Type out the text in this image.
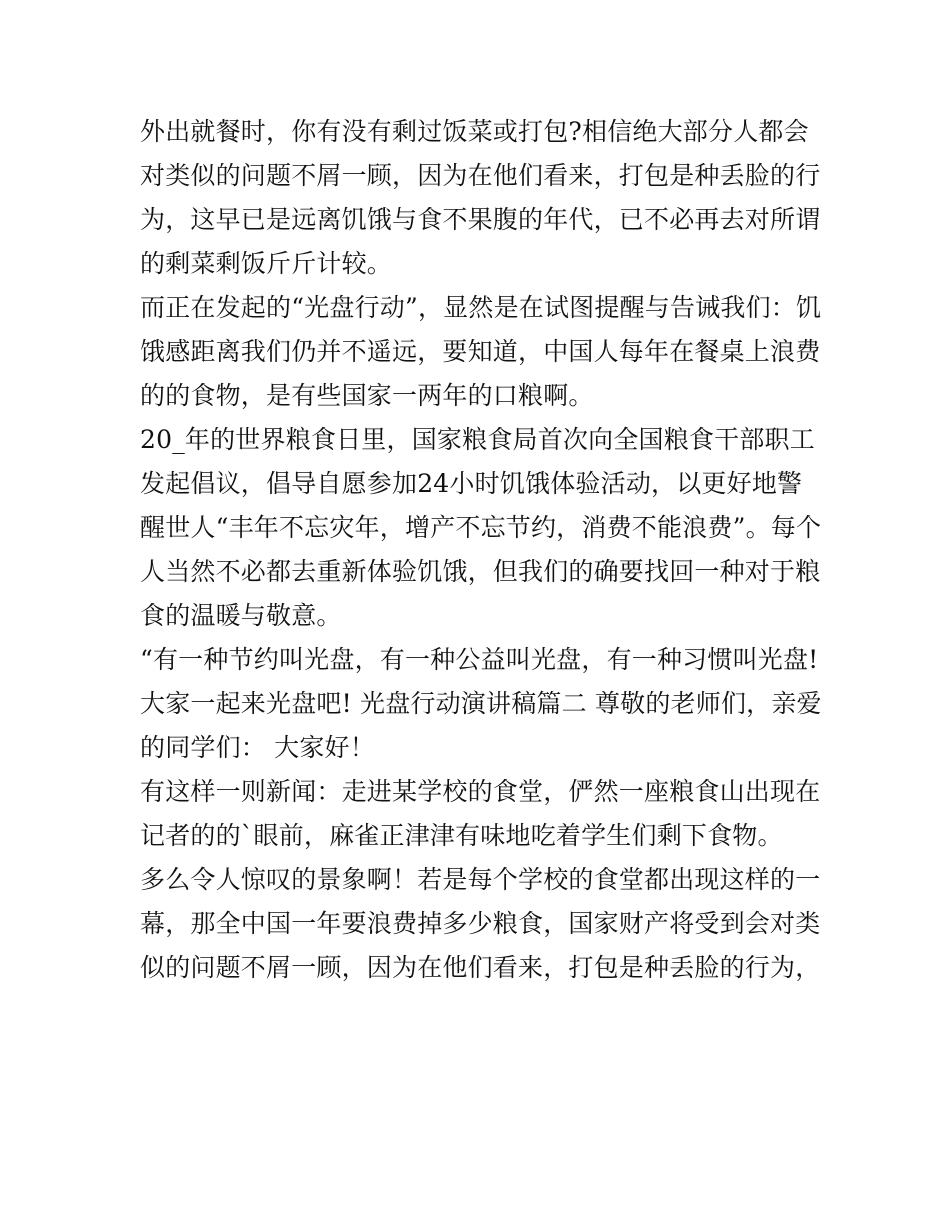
外出就餐时，你有没有剩过饭菜或打包?相信绝大部分人都会
对类似的问题不屑一顾，因为在他们看来，打包是种丢脸的行
为，这早已是远离饥饿与食不果腹的年代，已不必再去对所谓
的剩菜剩饭斤斤计较。
而正在发起的“光盘行动”，显然是在试图提醒与告诫我们：饥
饿感距离我们仍并不遥远，要知道，中国人每年在餐桌上浪费
的的食物，是有些国家一两年的口粮啊。
20_年的世界粮食日里，国家粮食局首次向全国粮食干部职工
发起倡议，倡导自愿参加24小时饥饿体验活动，以更好地警
醒世人“丰年不忘灾年，增产不忘节约，消费不能浪费”。每个
人当然不必都去重新体验饥饿，但我们的确要找回一种对于粮
食的温暖与敬意。
“有一种节约叫光盘，有一种公益叫光盘，有一种习惯叫光盘!
大家一起来光盘吧! 光盘行动演讲稿篇二 尊敬的老师们，亲爱
的同学们： 大家好！
有这样一则新闻：走进某学校的食堂，俨然一座粮食山出现在
记者的的`眼前，麻雀正津津有味地吃着学生们剩下食物。
多么令人惊叹的景象啊！若是每个学校的食堂都出现这样的一
幕，那全中国一年要浪费掉多少粮食，国家财产将受到会对类
似的问题不屑一顾，因为在他们看来，打包是种丢脸的行为，
